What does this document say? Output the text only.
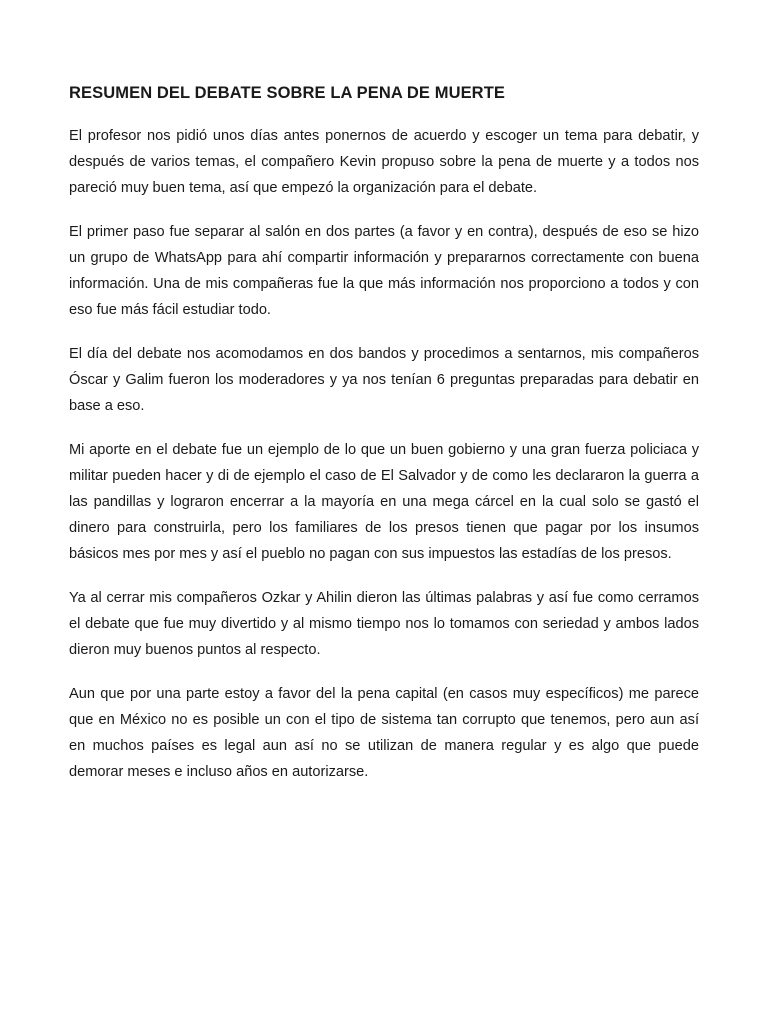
RESUMEN DEL DEBATE SOBRE LA PENA DE MUERTE

El profesor nos pidió unos días antes ponernos de acuerdo y escoger un tema para debatir, y después de varios temas, el compañero Kevin propuso sobre la pena de muerte y a todos nos pareció muy buen tema, así que empezó la organización para el debate.

El primer paso fue separar al salón en dos partes (a favor y en contra), después de eso se hizo un grupo de WhatsApp para ahí compartir información y prepararnos correctamente con buena información. Una de mis compañeras fue la que más información nos proporciono a todos y con eso fue más fácil estudiar todo.

El día del debate nos acomodamos en dos bandos y procedimos a sentarnos, mis compañeros Óscar y Galim fueron los moderadores y ya nos tenían 6 preguntas preparadas para debatir en base a eso.

Mi aporte en el debate fue un ejemplo de lo que un buen gobierno y una gran fuerza policiaca y militar pueden hacer y di de ejemplo el caso de El Salvador y de como les declararon la guerra a las pandillas y lograron encerrar a la mayoría en una mega cárcel en la cual solo se gastó el dinero para construirla, pero los familiares de los presos tienen que pagar por los insumos básicos mes por mes y así el pueblo no pagan con sus impuestos las estadías de los presos.

Ya al cerrar mis compañeros Ozkar y Ahilin dieron las últimas palabras y así fue como cerramos el debate que fue muy divertido y al mismo tiempo nos lo tomamos con seriedad y ambos lados dieron muy buenos puntos al respecto.

Aun que por una parte estoy a favor del la pena capital (en casos muy específicos) me parece que en México no es posible un con el tipo de sistema tan corrupto que tenemos, pero aun así en muchos países es legal aun así no se utilizan de manera regular y es algo que puede demorar meses e incluso años en autorizarse.
